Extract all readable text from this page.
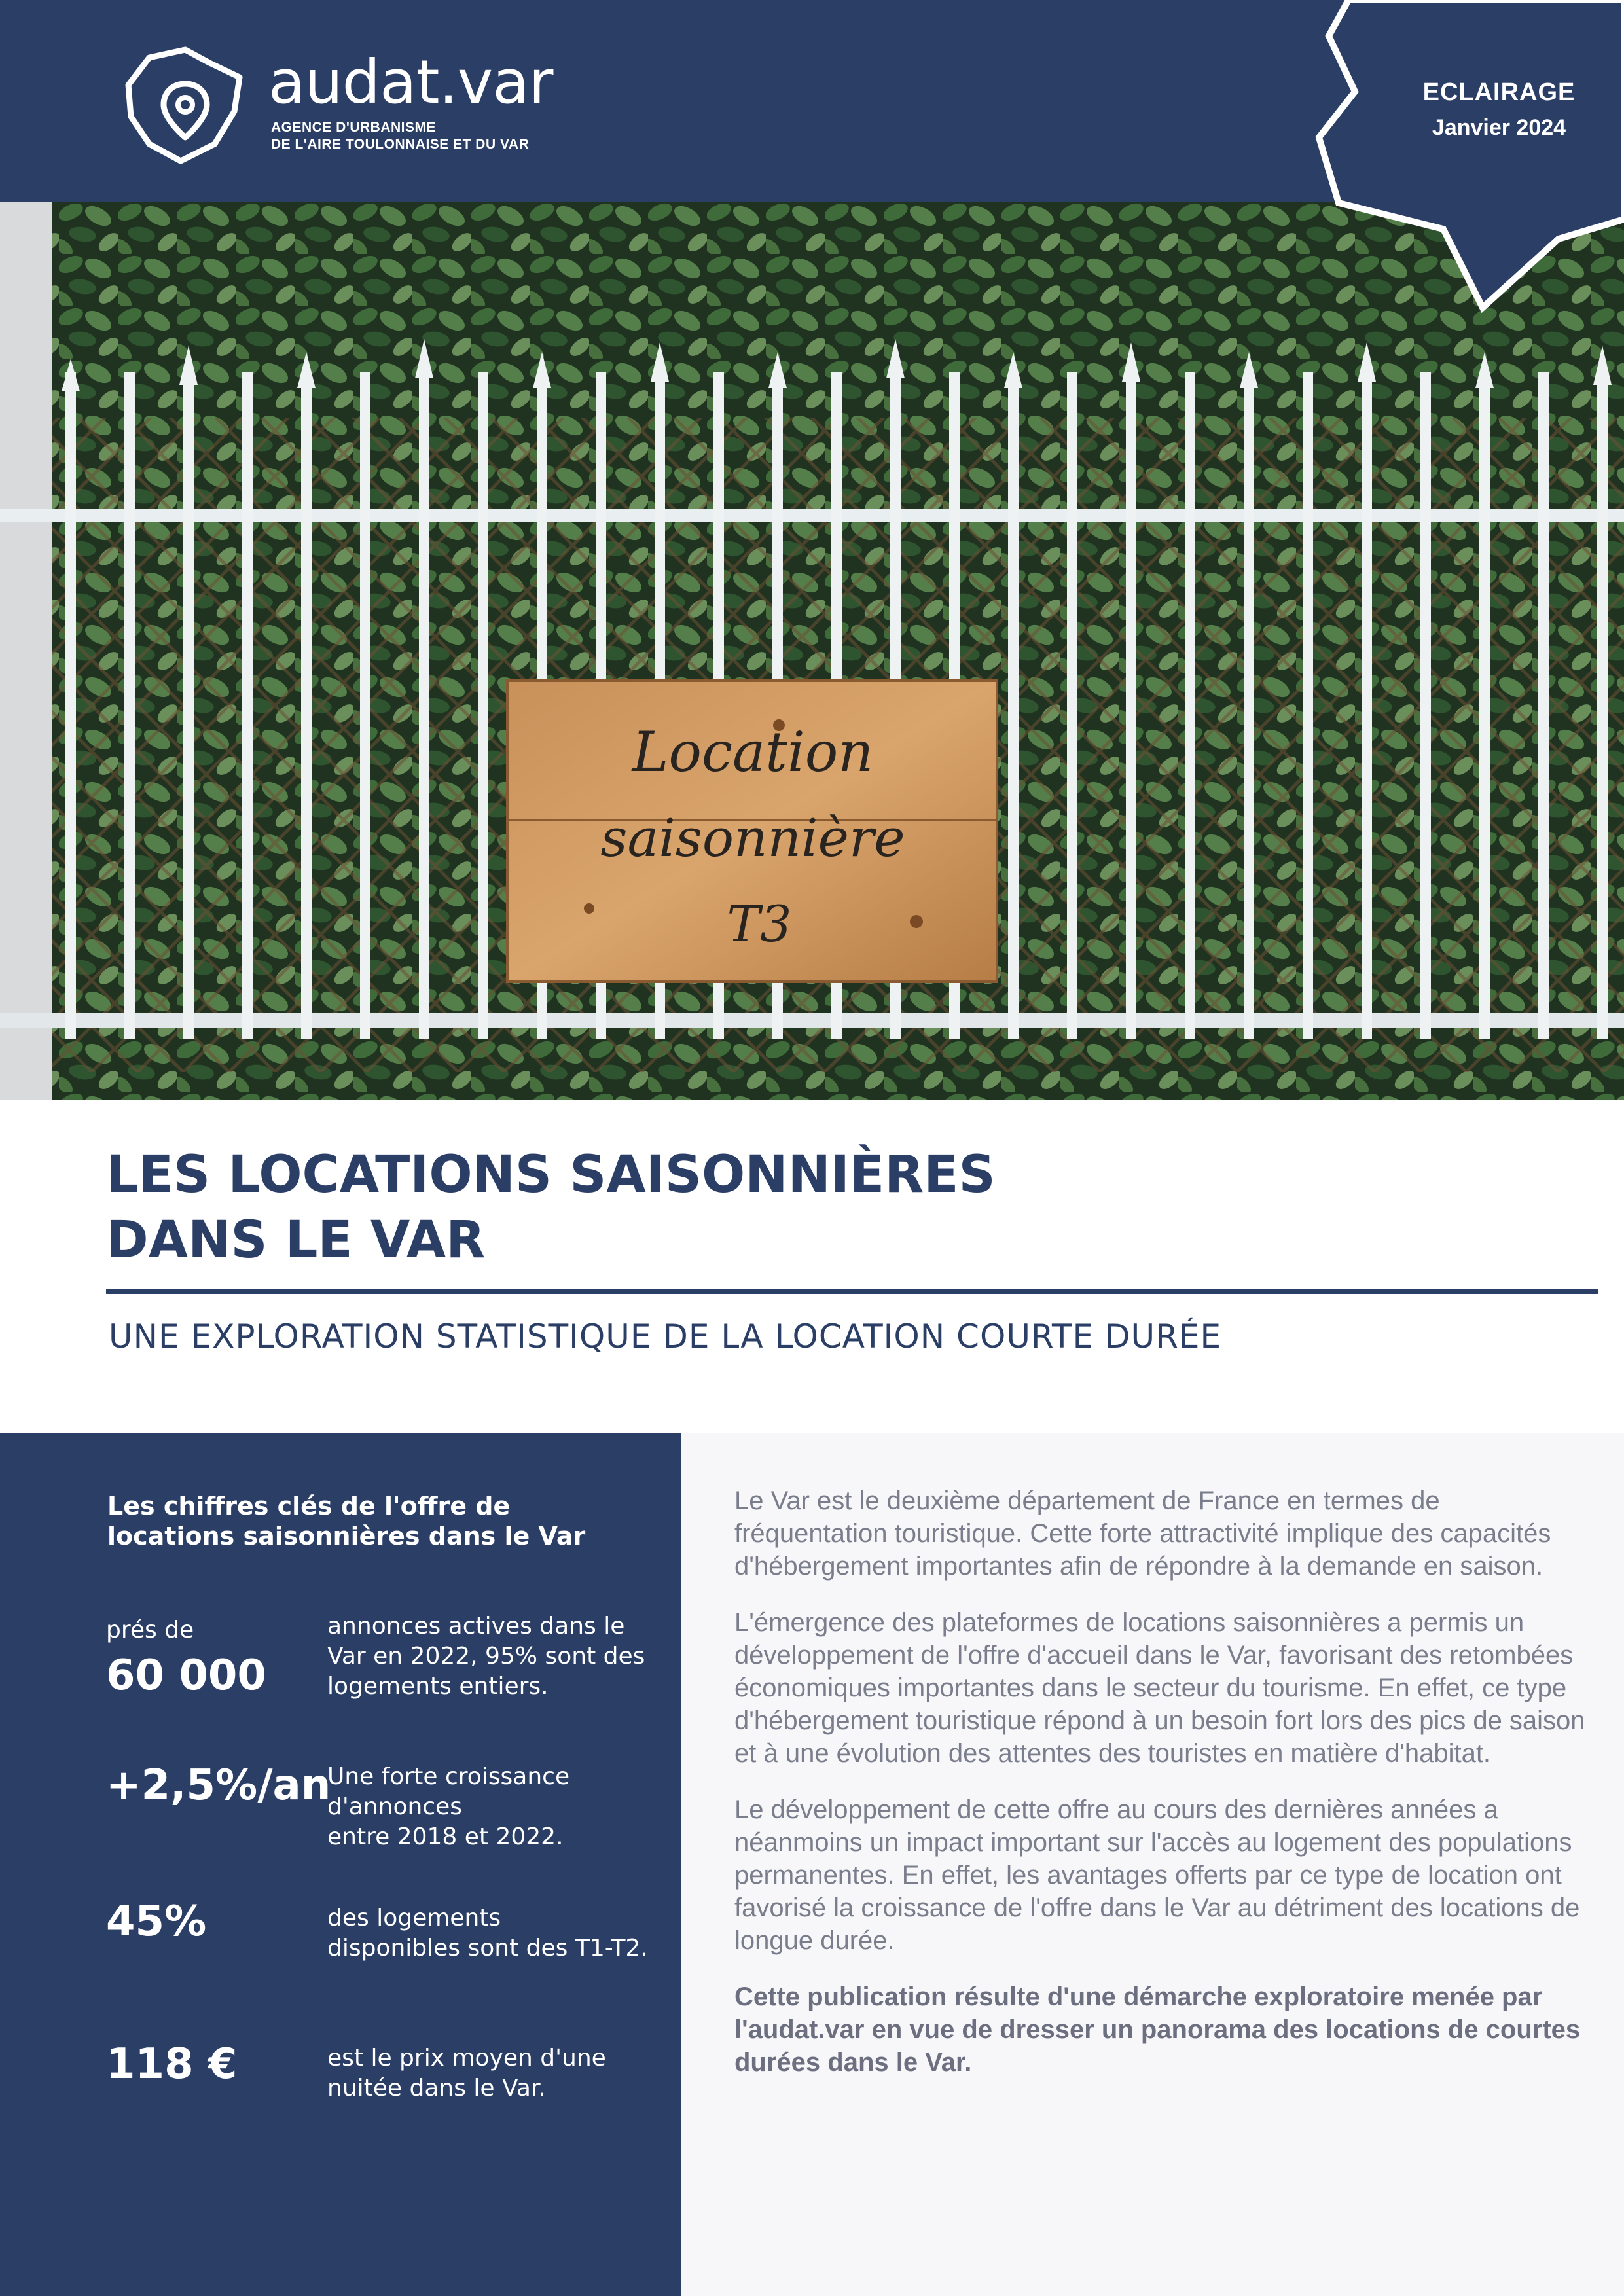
audat.var
AGENCE D'URBANISME
DE L'AIRE TOULONNAISE ET DU VAR
Location
saisonnière
T3
ECLAIRAGE
Janvier 2024
LES LOCATIONS SAISONNIÈRES
DANS LE VAR
UNE EXPLORATION STATISTIQUE DE LA LOCATION COURTE DURÉE
Les chiffres clés de l'offre de
locations saisonnières dans le Var
prés de
60 000
annonces actives dans le
Var en 2022, 95% sont des
logements entiers.
+2,5%/an
Une forte croissance
d'annonces
entre 2018 et 2022.
45%	des logements
disponibles sont des T1-T2.
118 €	est le prix moyen d'une
nuitée dans le Var.

Le Var est le deuxième département de France en termes de fréquentation touristique. Cette forte attractivité implique des capacités d'hébergement importantes afin de répondre à la demande en saison.

L'émergence des plateformes de locations saisonnières a permis un développement de l'offre d'accueil dans le Var, favorisant des retombées économiques importantes dans le secteur du tourisme. En effet, ce type d'hébergement touristique répond à un besoin fort lors des pics de saison et à une évolution des attentes des touristes en matière d'habitat.

Le développement de cette offre au cours des dernières années a néanmoins un impact important sur l'accès au logement des populations permanentes. En effet, les avantages offerts par ce type de location ont favorisé la croissance de l'offre dans le Var au détriment des locations de longue durée.

Cette publication résulte d'une démarche exploratoire menée par l'audat.var en vue de dresser un panorama des locations de courtes durées dans le Var.
